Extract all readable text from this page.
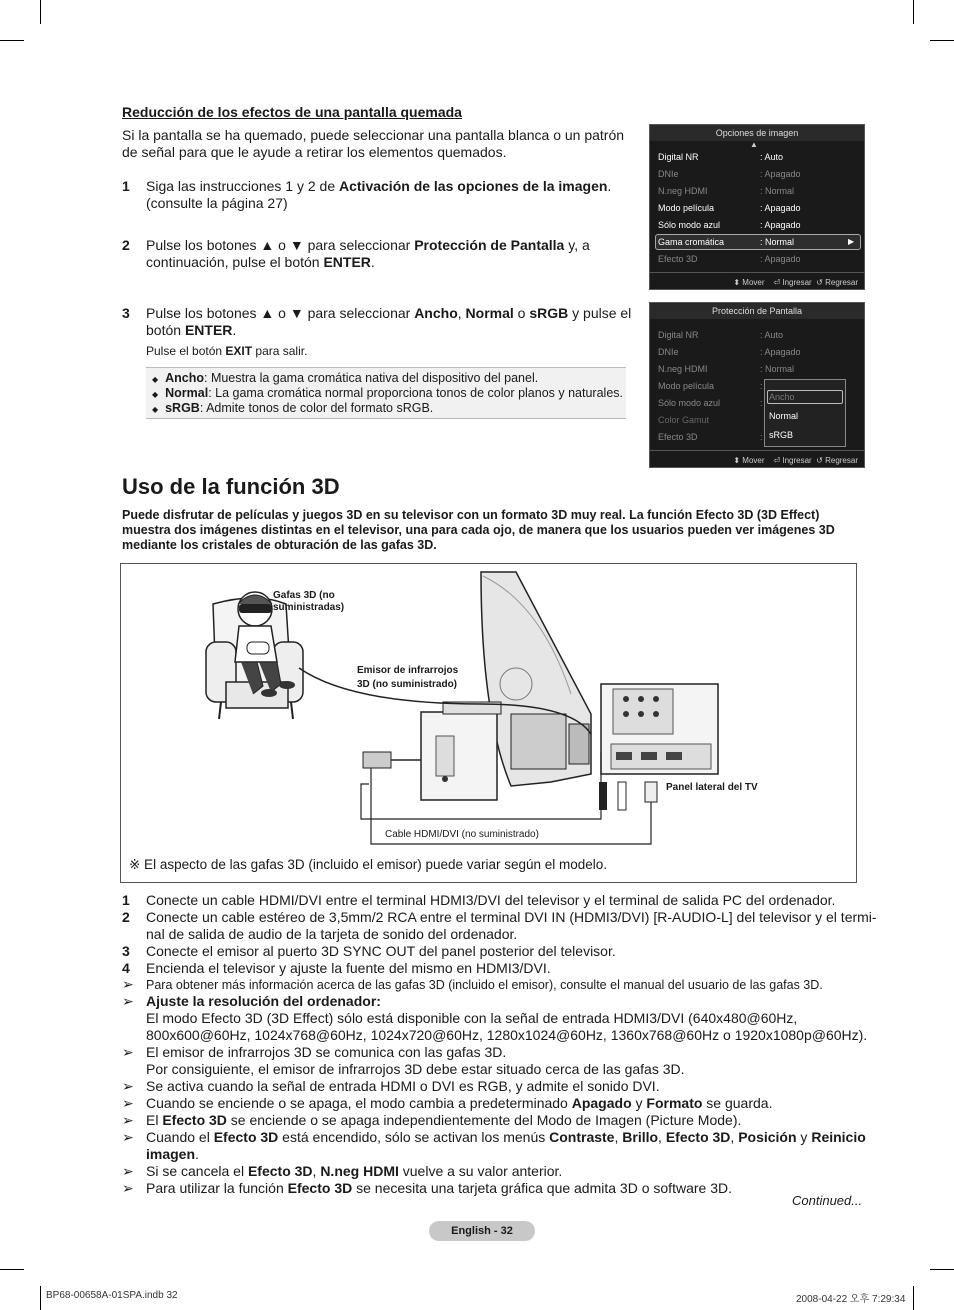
Reducción de los efectos de una pantalla quemada
Si la pantalla se ha quemado, puede seleccionar una pantalla blanca o un patrón
de señal para que le ayude a retirar los elementos quemados.
1 Siga las instrucciones 1 y 2 de Activación de las opciones de la imagen.
(consulte la página 27)
2 Pulse los botones ▲ o ▼ para seleccionar Protección de Pantalla y, a
continuación, pulse el botón ENTER.
3 Pulse los botones ▲ o ▼ para seleccionar Ancho, Normal o sRGB y pulse el
botón ENTER.
Pulse el botón EXIT para salir.
◆ Ancho: Muestra la gama cromática nativa del dispositivo del panel.
◆ Normal: La gama cromática normal proporciona tonos de color planos y naturales.
◆ sRGB: Admite tonos de color del formato sRGB.
Opciones de imagen
▲
Digital NR	: Auto
DNIe	: Apagado
N.neg HDMI	: Normal
Modo película	: Apagado
Sólo modo azul	: Apagado
Gama cromática	: Normal	▶
Efecto 3D	: Apagado
⬍ Mover ⏎ Ingresar ↺ Regresar
Protección de Pantalla
Digital NR	: Auto
DNIe	: Apagado
N.neg HDMI	: Normal
Modo película	:
Sólo modo azul	:
Color Gamut
Efecto 3D	:
Ancho
Normal
sRGB
⬍ Mover ⏎ Ingresar ↺ Regresar
Uso de la función 3D
Puede disfrutar de películas y juegos 3D en su televisor con un formato 3D muy real. La función Efecto 3D (3D Effect)
muestra dos imágenes distintas en el televisor, una para cada ojo, de manera que los usuarios pueden ver imágenes 3D
mediante los cristales de obturación de las gafas 3D.
Gafas 3D (no
suministradas)
Emisor de infrarrojos
3D (no suministrado)
Panel lateral del TV
Cable HDMI/DVI (no suministrado)
※ El aspecto de las gafas 3D (incluido el emisor) puede variar según el modelo.
1 Conecte un cable HDMI/DVI entre el terminal HDMI3/DVI del televisor y el terminal de salida PC del ordenador.
2 Conecte un cable estéreo de 3,5mm/2 RCA entre el terminal DVI IN (HDMI3/DVI) [R-AUDIO-L] del televisor y el termi-
nal de salida de audio de la tarjeta de sonido del ordenador.
3 Conecte el emisor al puerto 3D SYNC OUT del panel posterior del televisor.
4 Encienda el televisor y ajuste la fuente del mismo en HDMI3/DVI.
➢ Para obtener más información acerca de las gafas 3D (incluido el emisor), consulte el manual del usuario de las gafas 3D.
➢ Ajuste la resolución del ordenador:
El modo Efecto 3D (3D Effect) sólo está disponible con la señal de entrada HDMI3/DVI (640x480@60Hz,
800x600@60Hz, 1024x768@60Hz, 1024x720@60Hz, 1280x1024@60Hz, 1360x768@60Hz o 1920x1080p@60Hz).
➢ El emisor de infrarrojos 3D se comunica con las gafas 3D.
Por consiguiente, el emisor de infrarrojos 3D debe estar situado cerca de las gafas 3D.
➢ Se activa cuando la señal de entrada HDMI o DVI es RGB, y admite el sonido DVI.
➢ Cuando se enciende o se apaga, el modo cambia a predeterminado Apagado y Formato se guarda.
➢ El Efecto 3D se enciende o se apaga independientemente del Modo de Imagen (Picture Mode).
➢ Cuando el Efecto 3D está encendido, sólo se activan los menús Contraste, Brillo, Efecto 3D, Posición y Reinicio
imagen.
➢ Si se cancela el Efecto 3D, N.neg HDMI vuelve a su valor anterior.
➢ Para utilizar la función Efecto 3D se necesita una tarjeta gráfica que admita 3D o software 3D.
Continued...
English - 32
BP68-00658A-01SPA.indb 32	2008-04-22 오후 7:29:34
